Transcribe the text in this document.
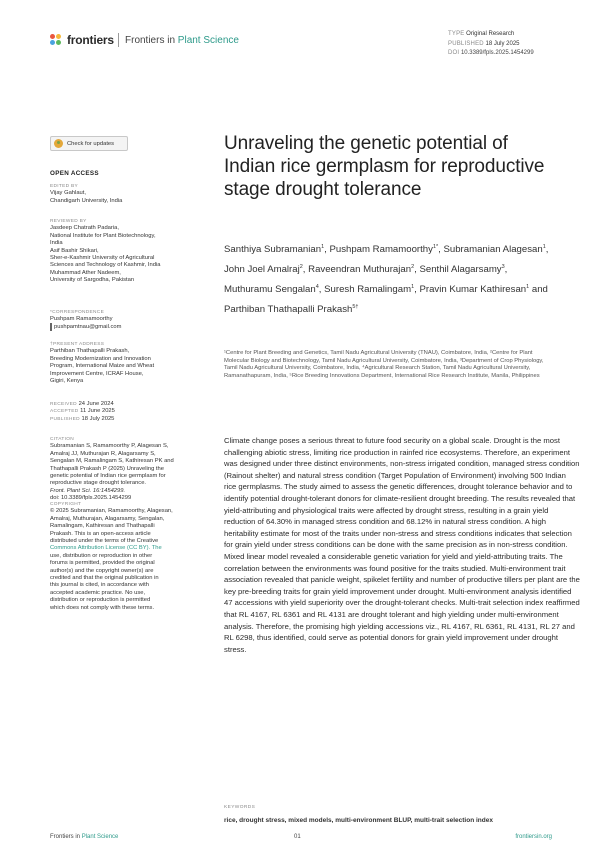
frontiers Frontiers in Plant Science
TYPE Original Research
PUBLISHED 18 July 2025
DOI 10.3389/fpls.2025.1454299
Check for updates
OPEN ACCESS
EDITED BY
Vijay Gahlaut,
Chandigarh University, India
REVIEWED BY
Jasdeep Chatrath Padaria,
National Institute for Plant Biotechnology,
India
Asif Bashir Shikari,
Sher-e-Kashmir University of Agricultural
Sciences and Technology of Kashmir, India
Muhammad Ather Nadeem,
University of Sargodha, Pakistan
*CORRESPONDENCE
Pushpam Ramamoorthy
pushpamtnau@gmail.com
†PRESENT ADDRESS
Parthiban Thathapalli Prakash,
Breeding Modernization and Innovation
Program, International Maize and Wheat
Improvement Centre, ICRAF House,
Gigiri, Kenya
RECEIVED 24 June 2024
ACCEPTED 11 June 2025
PUBLISHED 18 July 2025
CITATION
Subramanian S, Ramamoorthy P, Alagesan S,
Amalraj JJ, Muthurajan R, Alagarsamy S,
Sengalan M, Ramalingam S, Kathiresan PK and
Thathapalli Prakash P (2025) Unraveling the
genetic potential of Indian rice germplasm for
reproductive stage drought tolerance.
Front. Plant Sci. 16:1454299.
doi: 10.3389/fpls.2025.1454299
COPYRIGHT
© 2025 Subramanian, Ramamoorthy, Alagesan,
Amalraj, Muthurajan, Alagarsamy, Sengalan,
Ramalingam, Kathiresan and Thathapalli
Prakash. This is an open-access article
distributed under the terms of the Creative
Commons Attribution License (CC BY). The
use, distribution or reproduction in other
forums is permitted, provided the original
author(s) and the copyright owner(s) are
credited and that the original publication in
this journal is cited, in accordance with
accepted academic practice. No use,
distribution or reproduction is permitted
which does not comply with these terms.
Unraveling the genetic potential of Indian rice germplasm for reproductive stage drought tolerance
Santhiya Subramanian$^1$, Pushpam Ramamoorthy$^{1*}$, Subramanian Alagesan$^1$, John Joel Amalraj$^2$, Raveendran Muthurajan$^2$, Senthil Alagarsamy$^3$, Muthuramu Sengalan$^4$, Suresh Ramalingam$^1$, Pravin Kumar Kathiresan$^1$ and Parthiban Thathapalli Prakash$^{5\dagger}$
¹Centre for Plant Breeding and Genetics, Tamil Nadu Agricultural University (TNAU), Coimbatore, India, ²Centre for Plant Molecular Biology and Biotechnology, Tamil Nadu Agricultural University, Coimbatore, India, ³Department of Crop Physiology, Tamil Nadu Agricultural University, Coimbatore, India, ⁴Agricultural Research Station, Tamil Nadu Agricultural University, Ramanathapuram, India, ⁵Rice Breeding Innovations Department, International Rice Research Institute, Manila, Philippines
Climate change poses a serious threat to future food security on a global scale. Drought is the most challenging abiotic stress, limiting rice production in rainfed rice ecosystems. Therefore, an experiment was designed under three distinct environments, non-stress irrigated condition, managed stress condition (Rainout shelter) and natural stress condition (Target Population of Environment) involving 500 Indian rice germplasms. The study aimed to assess the genetic differences, drought tolerance behavior and to identify potential drought-tolerant donors for climate-resilient drought breeding. The results revealed that yield-attributing and physiological traits were affected by drought stress, resulting in a grain yield reduction of 64.30% in managed stress condition and 68.12% in natural stress condition. A high heritability estimate for most of the traits under non-stress and stress conditions indicates that selection for grain yield under stress conditions can be done with the same precision as in non-stress condition. Mixed linear model revealed a considerable genetic variation for yield and yield-attributing traits. The correlation between the environments was found positive for the traits studied. Multi-environment trait association revealed that panicle weight, spikelet fertility and number of productive tillers per plant are the key pre-breeding traits for grain yield improvement under drought. Multi-environment analysis identified 47 accessions with yield superiority over the drought-tolerant checks. Multi-trait selection index reaffirmed that RL 4167, RL 6361 and RL 4131 are drought tolerant and high yielding under multi-environment analysis. Therefore, the promising high yielding accessions viz., RL 4167, RL 6361, RL 4131, RL 27 and RL 6298, thus identified, could serve as potential donors for grain yield improvement under drought stress.
KEYWORDS
rice, drought stress, mixed models, multi-environment BLUP, multi-trait selection index
Frontiers in Plant Science	01	frontiersin.org
